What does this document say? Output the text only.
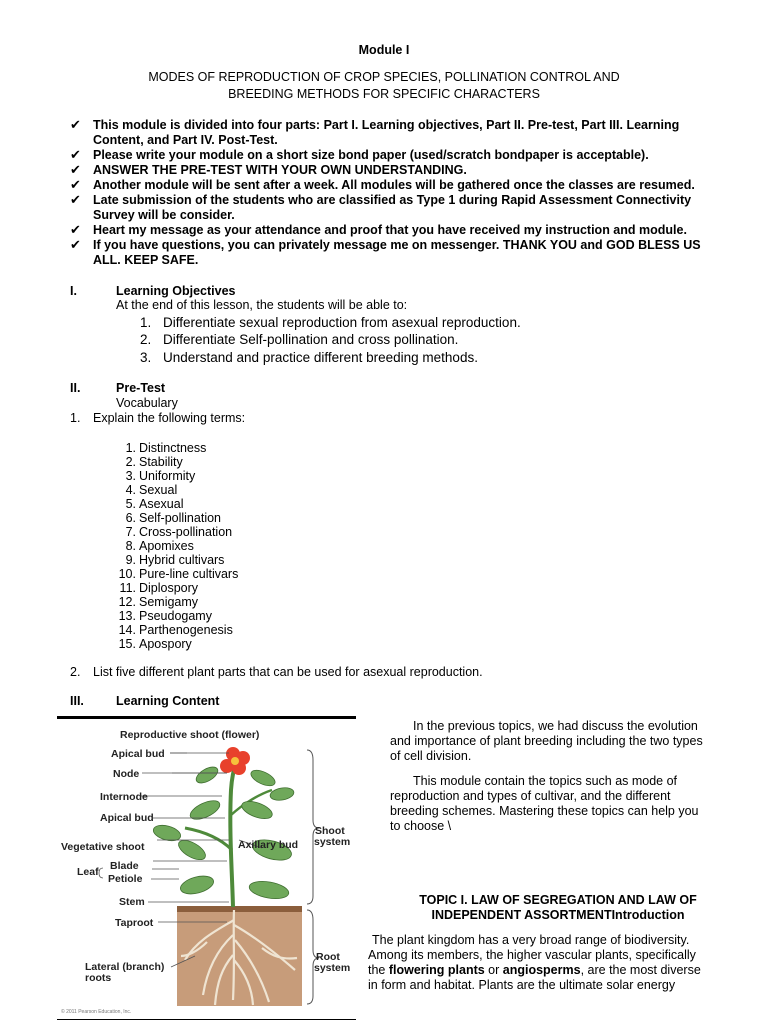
Module I
MODES OF REPRODUCTION OF CROP SPECIES, POLLINATION CONTROL AND
BREEDING METHODS FOR SPECIFIC CHARACTERS
✔ This module is divided into four parts: Part I. Learning objectives, Part II. Pre-test, Part III. Learning
Content, and Part IV. Post-Test.
✔ Please write your module on a short size bond paper (used/scratch bondpaper is acceptable).
✔ ANSWER THE PRE-TEST WITH YOUR OWN UNDERSTANDING.
✔ Another module will be sent after a week. All modules will be gathered once the classes are resumed.
✔ Late submission of the students who are classified as Type 1 during Rapid Assessment Connectivity
Survey will be consider.
✔ Heart my message as your attendance and proof that you have received my instruction and module.
✔ If you have questions, you can privately message me on messenger. THANK YOU and GOD BLESS US
ALL. KEEP SAFE.
I.	Learning Objectives
At the end of this lesson, the students will be able to:
1. Differentiate sexual reproduction from asexual reproduction.
2. Differentiate Self-pollination and cross pollination.
3. Understand and practice different breeding methods.
II.	Pre-Test
Vocabulary
1. Explain the following terms:
1. Distinctness
2. Stability
3. Uniformity
4. Sexual
5. Asexual
6. Self-pollination
7. Cross-pollination
8. Apomixes
9. Hybrid cultivars
10. Pure-line cultivars
11. Diplospory
12. Semigamy
13. Pseudogamy
14. Parthenogenesis
15. Apospory
2. List five different plant parts that can be used for asexual reproduction.
III.	Learning Content
Reproductive shoot (flower)
Apical bud
Node
Internode
Apical bud
Vegetative shoot	Axillary bud
Leaf Blade
Petiole
Stem
Taproot
Lateral (branch)
roots
Shoot
system
Root
system
© 2011 Pearson Education, Inc.
In the previous topics, we had discuss the evolution
and importance of plant breeding including the two types
of cell division.
This module contain the topics such as mode of
reproduction and types of cultivar, and the different
breeding schemes. Mastering these topics can help you
to choose \
TOPIC I. LAW OF SEGREGATION AND LAW OF
INDEPENDENT ASSORTMENTIntroduction
The plant kingdom has a very broad range of biodiversity.
Among its members, the higher vascular plants, specifically
the flowering plants or angiosperms, are the most diverse
in form and habitat. Plants are the ultimate solar energy
